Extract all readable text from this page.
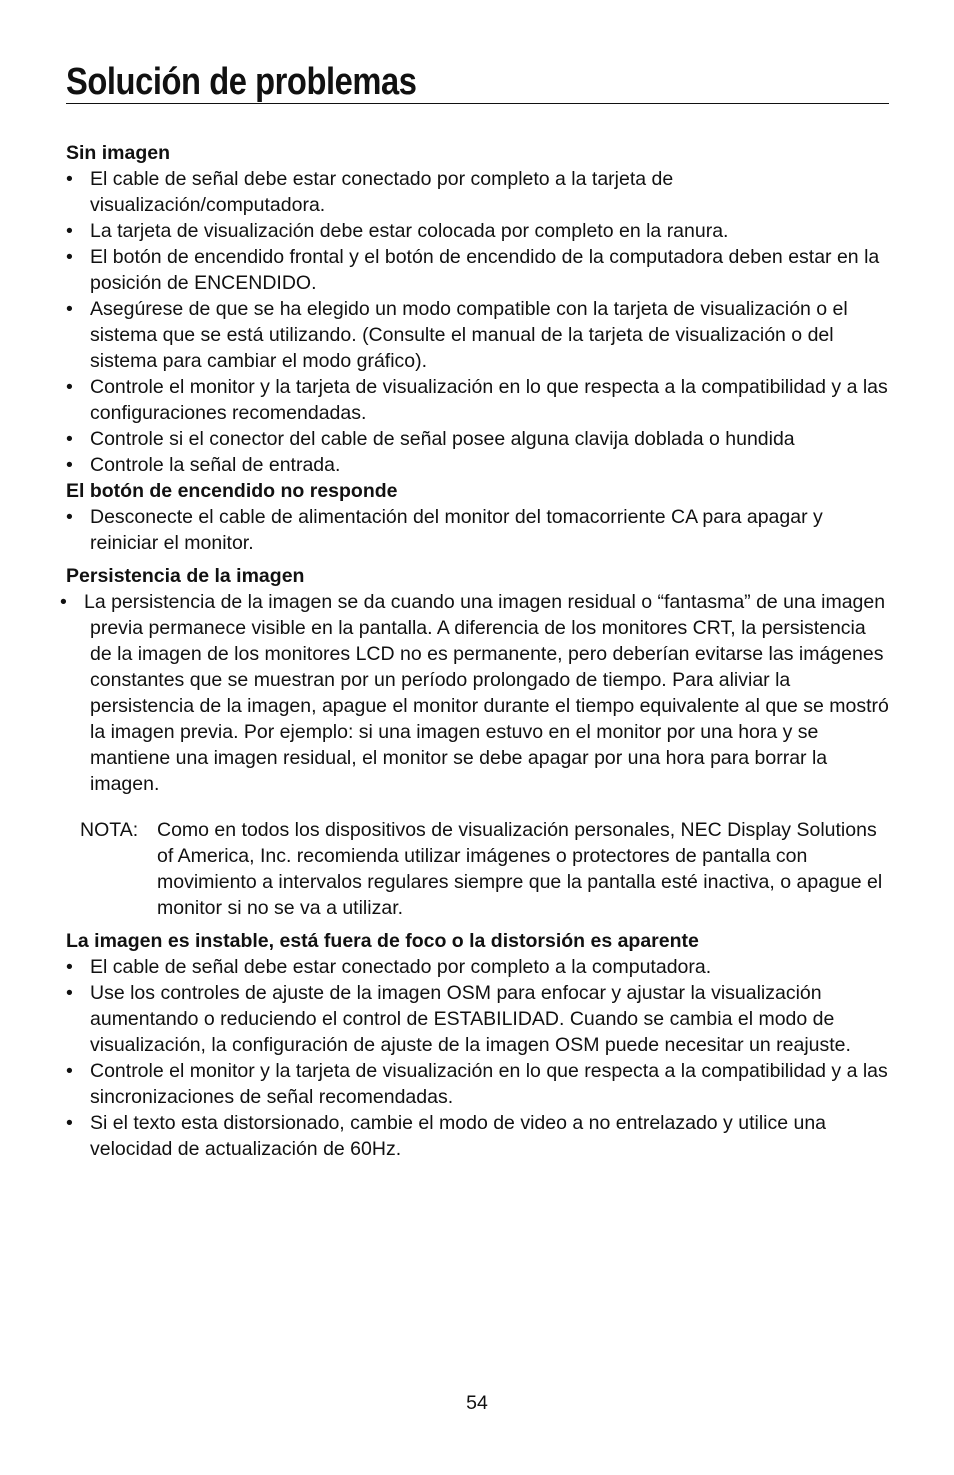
Solución de problemas

Sin imagen

• El cable de señal debe estar conectado por completo a la tarjeta de visualización/computadora.
• La tarjeta de visualización debe estar colocada por completo en la ranura.
• El botón de encendido frontal y el botón de encendido de la computadora deben estar en la posición de ENCENDIDO.
• Asegúrese de que se ha elegido un modo compatible con la tarjeta de visualización o el sistema que se está utilizando. (Consulte el manual de la tarjeta de visualización o del sistema para cambiar el modo gráfico).
• Controle el monitor y la tarjeta de visualización en lo que respecta a la compatibilidad y a las configuraciones recomendadas.
• Controle si el conector del cable de señal posee alguna clavija doblada o hundida
• Controle la señal de entrada.

El botón de encendido no responde

• Desconecte el cable de alimentación del monitor del tomacorriente CA para apagar y reiniciar el monitor.

Persistencia de la imagen

• La persistencia de la imagen se da cuando una imagen residual o “fantasma” de una imagen previa permanece visible en la pantalla. A diferencia de los monitores CRT, la persistencia de la imagen de los monitores LCD no es permanente, pero deberían evitarse las imágenes constantes que se muestran por un período prolongado de tiempo. Para aliviar la persistencia de la imagen, apague el monitor durante el tiempo equivalente al que se mostró la imagen previa. Por ejemplo: si una imagen estuvo en el monitor por una hora y se mantiene una imagen residual, el monitor se debe apagar por una hora para borrar la imagen.
NOTA: Como en todos los dispositivos de visualización personales, NEC Display Solutions of America, Inc. recomienda utilizar imágenes o protectores de pantalla con movimiento a intervalos regulares siempre que la pantalla esté inactiva, o apague el monitor si no se va a utilizar.

La imagen es instable, está fuera de foco o la distorsión es aparente

• El cable de señal debe estar conectado por completo a la computadora.
• Use los controles de ajuste de la imagen OSM para enfocar y ajustar la visualización aumentando o reduciendo el control de ESTABILIDAD. Cuando se cambia el modo de visualización, la configuración de ajuste de la imagen OSM puede necesitar un reajuste.
• Controle el monitor y la tarjeta de visualización en lo que respecta a la compatibilidad y a las sincronizaciones de señal recomendadas.
• Si el texto esta distorsionado, cambie el modo de video a no entrelazado y utilice una velocidad de actualización de 60Hz.
54
